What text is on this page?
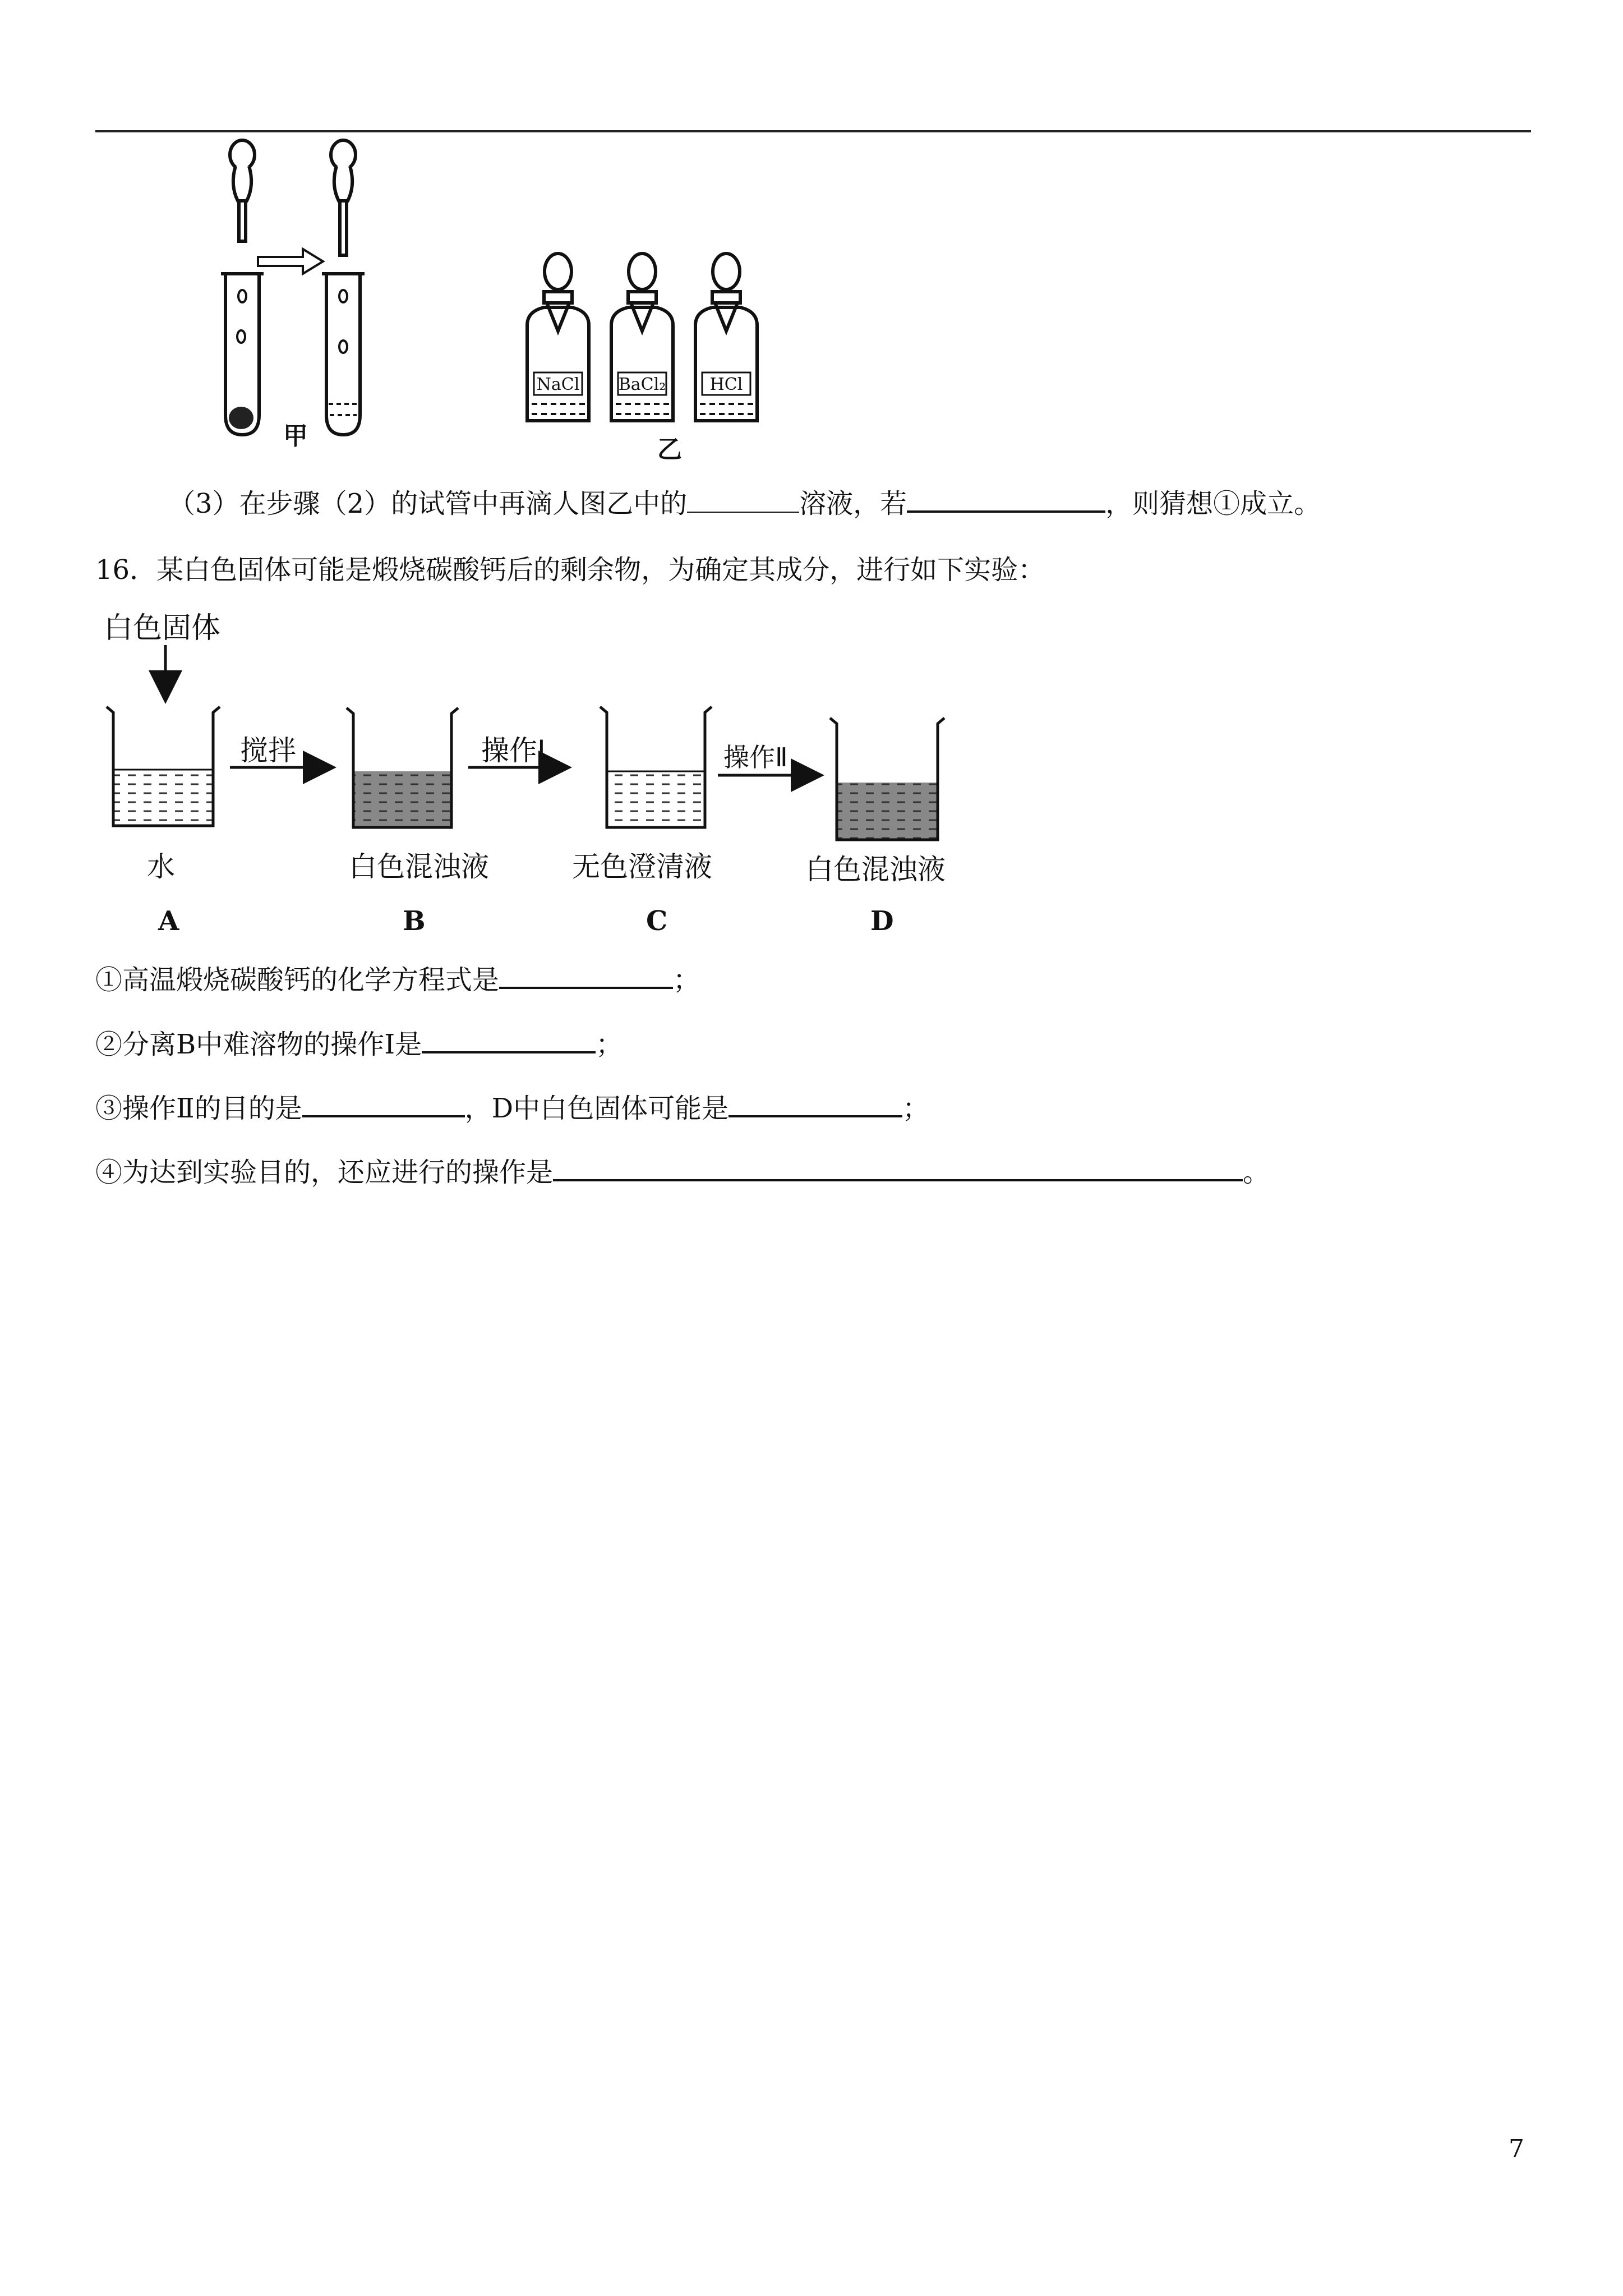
甲
NaCl BaCl₂	HCl
乙
（3）在步骤（2）的试管中再滴人图乙中的	溶液，若	，则猜想①成立。
16．某白色固体可能是煅烧碳酸钙后的剩余物，为确定其成分，进行如下实验：
白色固体
搅拌	操作Ⅰ	操作Ⅱ
水	白色混浊液	无色澄清液	白色混浊液
A	B	C	D
①高温煅烧碳酸钙的化学方程式是	；
②分离B中难溶物的操作Ⅰ是	；
③操作Ⅱ的目的是	，D中白色固体可能是	；
④为达到实验目的，还应进行的操作是	。
7
